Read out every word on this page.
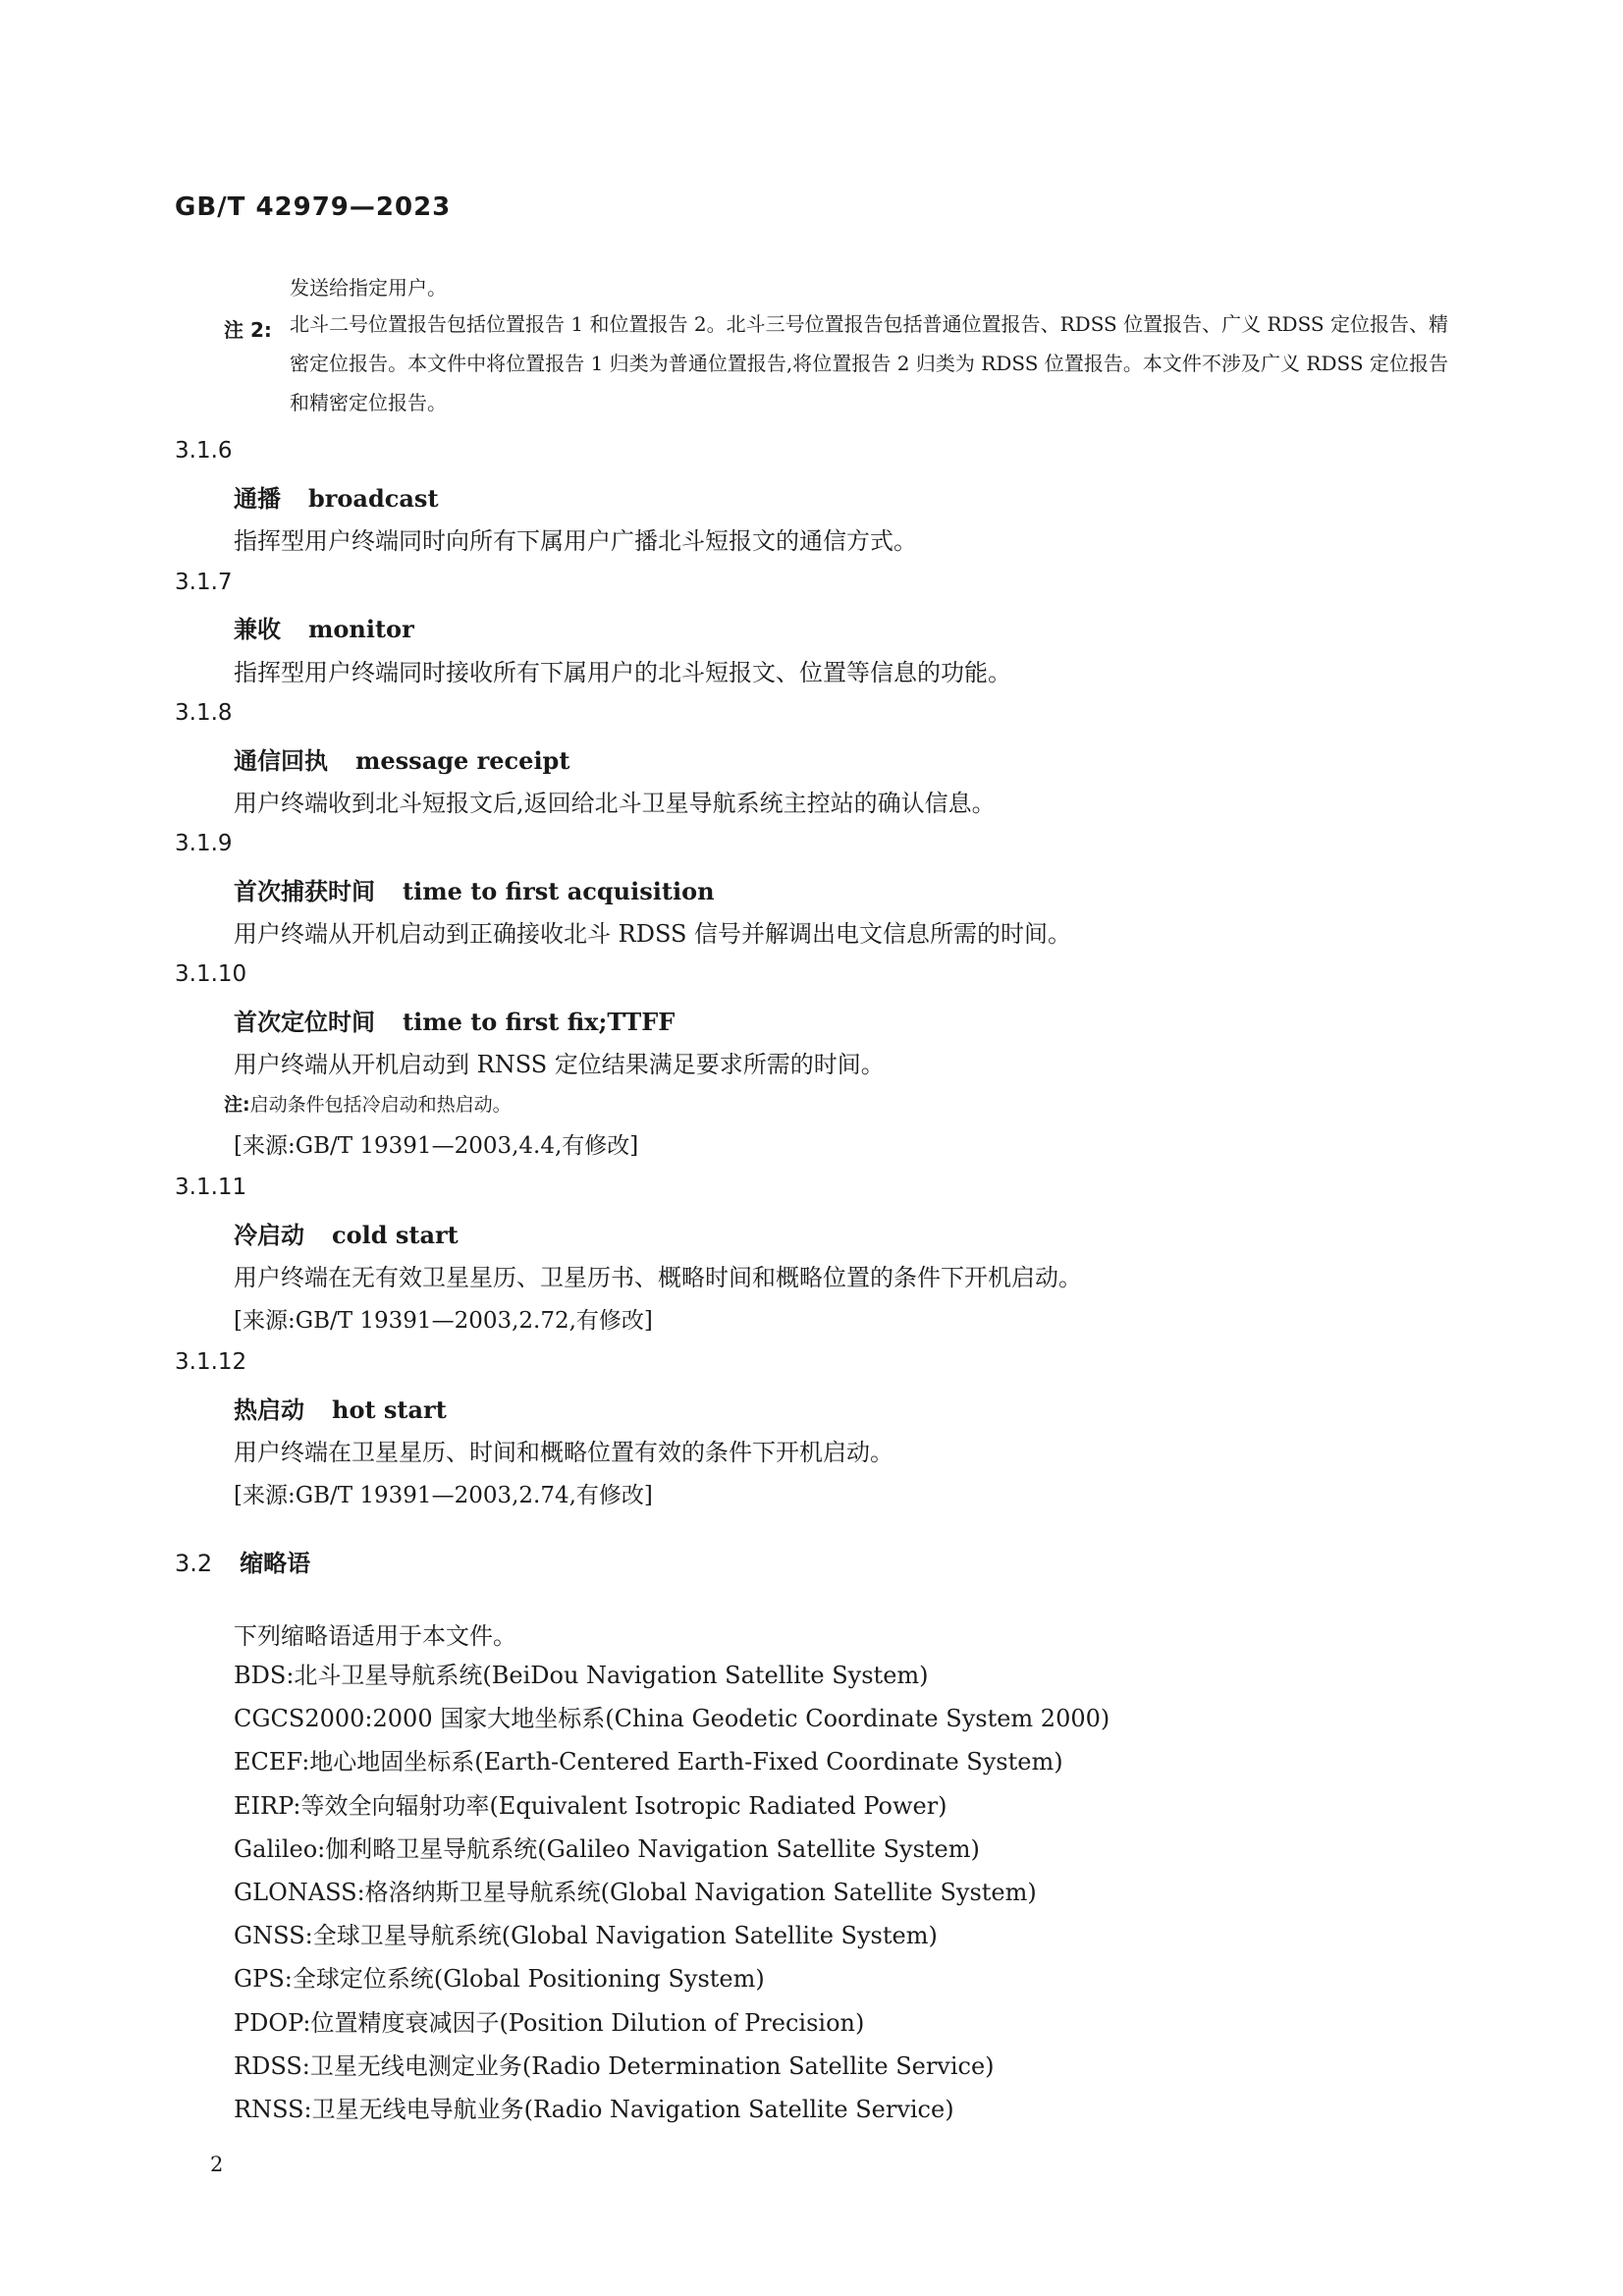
GB/T 42979—2023
发送给指定用户。
注 2: 北斗二号位置报告包括位置报告 1 和位置报告 2。北斗三号位置报告包括普通位置报告、RDSS 位置报告、广义 RDSS 定位报告、精密定位报告。本文件中将位置报告 1 归类为普通位置报告,将位置报告 2 归类为 RDSS 位置报告。本文件不涉及广义 RDSS 定位报告和精密定位报告。
3.1.6
通播 broadcast
指挥型用户终端同时向所有下属用户广播北斗短报文的通信方式。
3.1.7
兼收 monitor
指挥型用户终端同时接收所有下属用户的北斗短报文、位置等信息的功能。
3.1.8
通信回执 message receipt
用户终端收到北斗短报文后,返回给北斗卫星导航系统主控站的确认信息。
3.1.9
首次捕获时间 time to first acquisition
用户终端从开机启动到正确接收北斗 RDSS 信号并解调出电文信息所需的时间。
3.1.10
首次定位时间 time to first fix;TTFF
用户终端从开机启动到 RNSS 定位结果满足要求所需的时间。
注:启动条件包括冷启动和热启动。
[来源:GB/T 19391—2003,4.4,有修改]
3.1.11
冷启动 cold start
用户终端在无有效卫星星历、卫星历书、概略时间和概略位置的条件下开机启动。
[来源:GB/T 19391—2003,2.72,有修改]
3.1.12
热启动 hot start
用户终端在卫星星历、时间和概略位置有效的条件下开机启动。
[来源:GB/T 19391—2003,2.74,有修改]
3.2 缩略语
下列缩略语适用于本文件。
BDS:北斗卫星导航系统(BeiDou Navigation Satellite System)
CGCS2000:2000 国家大地坐标系(China Geodetic Coordinate System 2000)
ECEF:地心地固坐标系(Earth-Centered Earth-Fixed Coordinate System)
EIRP:等效全向辐射功率(Equivalent Isotropic Radiated Power)
Galileo:伽利略卫星导航系统(Galileo Navigation Satellite System)
GLONASS:格洛纳斯卫星导航系统(Global Navigation Satellite System)
GNSS:全球卫星导航系统(Global Navigation Satellite System)
GPS:全球定位系统(Global Positioning System)
PDOP:位置精度衰减因子(Position Dilution of Precision)
RDSS:卫星无线电测定业务(Radio Determination Satellite Service)
RNSS:卫星无线电导航业务(Radio Navigation Satellite Service)
2
